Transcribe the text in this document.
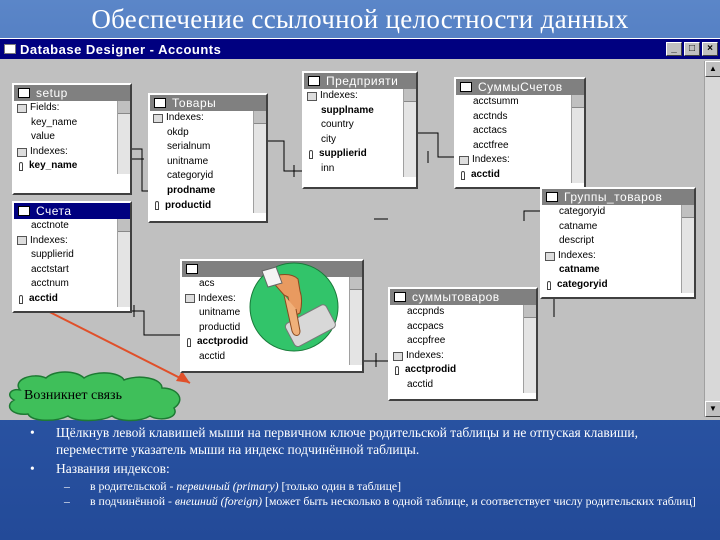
Обеспечение ссылочной целостности данных
Database Designer - Accounts	_	□	×
setup
Fields:
key_name
value
Indexes:
key_name
Товары
Indexes:
okdp
serialnum
unitname
categoryid
prodname
productid
Предприяти
Indexes:
supplname
country
city
supplierid
inn
СуммыСчетов
acctsumm
acctnds
acctacs
acctfree
Indexes:
acctid
Счета
acctnote
Indexes:
supplierid
acctstart
acctnum
acctid
Группы_товаров
categoryid
catname
descript
Indexes:
catname
categoryid
acs
Indexes:
unitname
productid
acctprodid
acctid
суммытоваров
accpnds
accpacs
accpfree
Indexes:
acctprodid
acctid
▲
▼
Возникнет связь
•	Щёлкнув левой клавишей мыши на первичном ключе родительской таблицы и не отпуская клавиши, переместите указатель мыши на индекс подчинённой таблицы.
•	Названия индексов:
–	в родительской - первичный (primary) [только один в таблице]
–	в подчинённой - внешний (foreign) [может быть несколько в одной таблице, и соответствует числу родительских таблиц]
